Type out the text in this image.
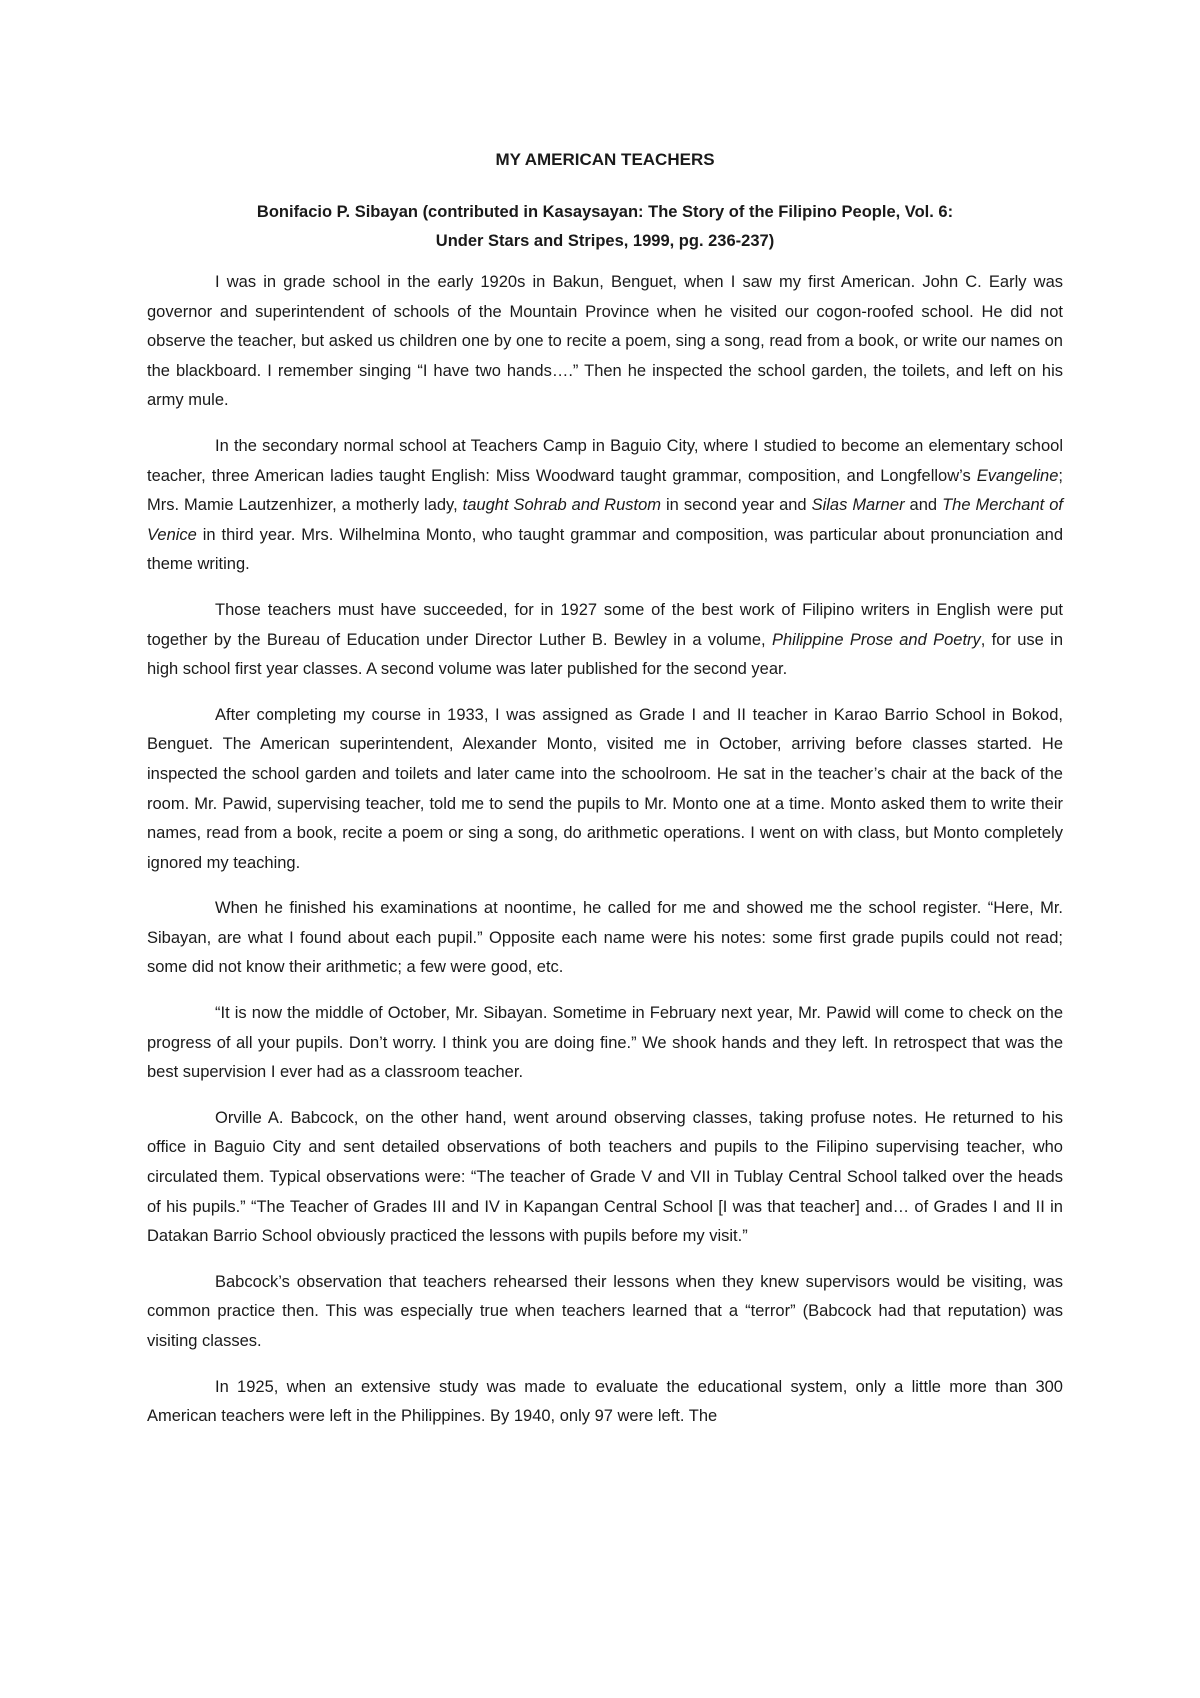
MY AMERICAN TEACHERS
Bonifacio P. Sibayan (contributed in Kasaysayan: The Story of the Filipino People, Vol. 6:
Under Stars and Stripes, 1999, pg. 236-237)

I was in grade school in the early 1920s in Bakun, Benguet, when I saw my first American. John C. Early was governor and superintendent of schools of the Mountain Province when he visited our cogon-roofed school. He did not observe the teacher, but asked us children one by one to recite a poem, sing a song, read from a book, or write our names on the blackboard. I remember singing “I have two hands….” Then he inspected the school garden, the toilets, and left on his army mule.

In the secondary normal school at Teachers Camp in Baguio City, where I studied to become an elementary school teacher, three American ladies taught English: Miss Woodward taught grammar, composition, and Longfellow’s Evangeline; Mrs. Mamie Lautzenhizer, a motherly lady, taught Sohrab and Rustom in second year and Silas Marner and The Merchant of Venice in third year. Mrs. Wilhelmina Monto, who taught grammar and composition, was particular about pronunciation and theme writing.

Those teachers must have succeeded, for in 1927 some of the best work of Filipino writers in English were put together by the Bureau of Education under Director Luther B. Bewley in a volume, Philippine Prose and Poetry, for use in high school first year classes. A second volume was later published for the second year.

After completing my course in 1933, I was assigned as Grade I and II teacher in Karao Barrio School in Bokod, Benguet. The American superintendent, Alexander Monto, visited me in October, arriving before classes started. He inspected the school garden and toilets and later came into the schoolroom. He sat in the teacher’s chair at the back of the room. Mr. Pawid, supervising teacher, told me to send the pupils to Mr. Monto one at a time. Monto asked them to write their names, read from a book, recite a poem or sing a song, do arithmetic operations. I went on with class, but Monto completely ignored my teaching.

When he finished his examinations at noontime, he called for me and showed me the school register. “Here, Mr. Sibayan, are what I found about each pupil.” Opposite each name were his notes: some first grade pupils could not read; some did not know their arithmetic; a few were good, etc.

“It is now the middle of October, Mr. Sibayan. Sometime in February next year, Mr. Pawid will come to check on the progress of all your pupils. Don’t worry. I think you are doing fine.” We shook hands and they left. In retrospect that was the best supervision I ever had as a classroom teacher.

Orville A. Babcock, on the other hand, went around observing classes, taking profuse notes. He returned to his office in Baguio City and sent detailed observations of both teachers and pupils to the Filipino supervising teacher, who circulated them. Typical observations were: “The teacher of Grade V and VII in Tublay Central School talked over the heads of his pupils.” “The Teacher of Grades III and IV in Kapangan Central School [I was that teacher] and… of Grades I and II in Datakan Barrio School obviously practiced the lessons with pupils before my visit.”

Babcock’s observation that teachers rehearsed their lessons when they knew supervisors would be visiting, was common practice then. This was especially true when teachers learned that a “terror” (Babcock had that reputation) was visiting classes.

In 1925, when an extensive study was made to evaluate the educational system, only a little more than 300 American teachers were left in the Philippines. By 1940, only 97 were left. The
